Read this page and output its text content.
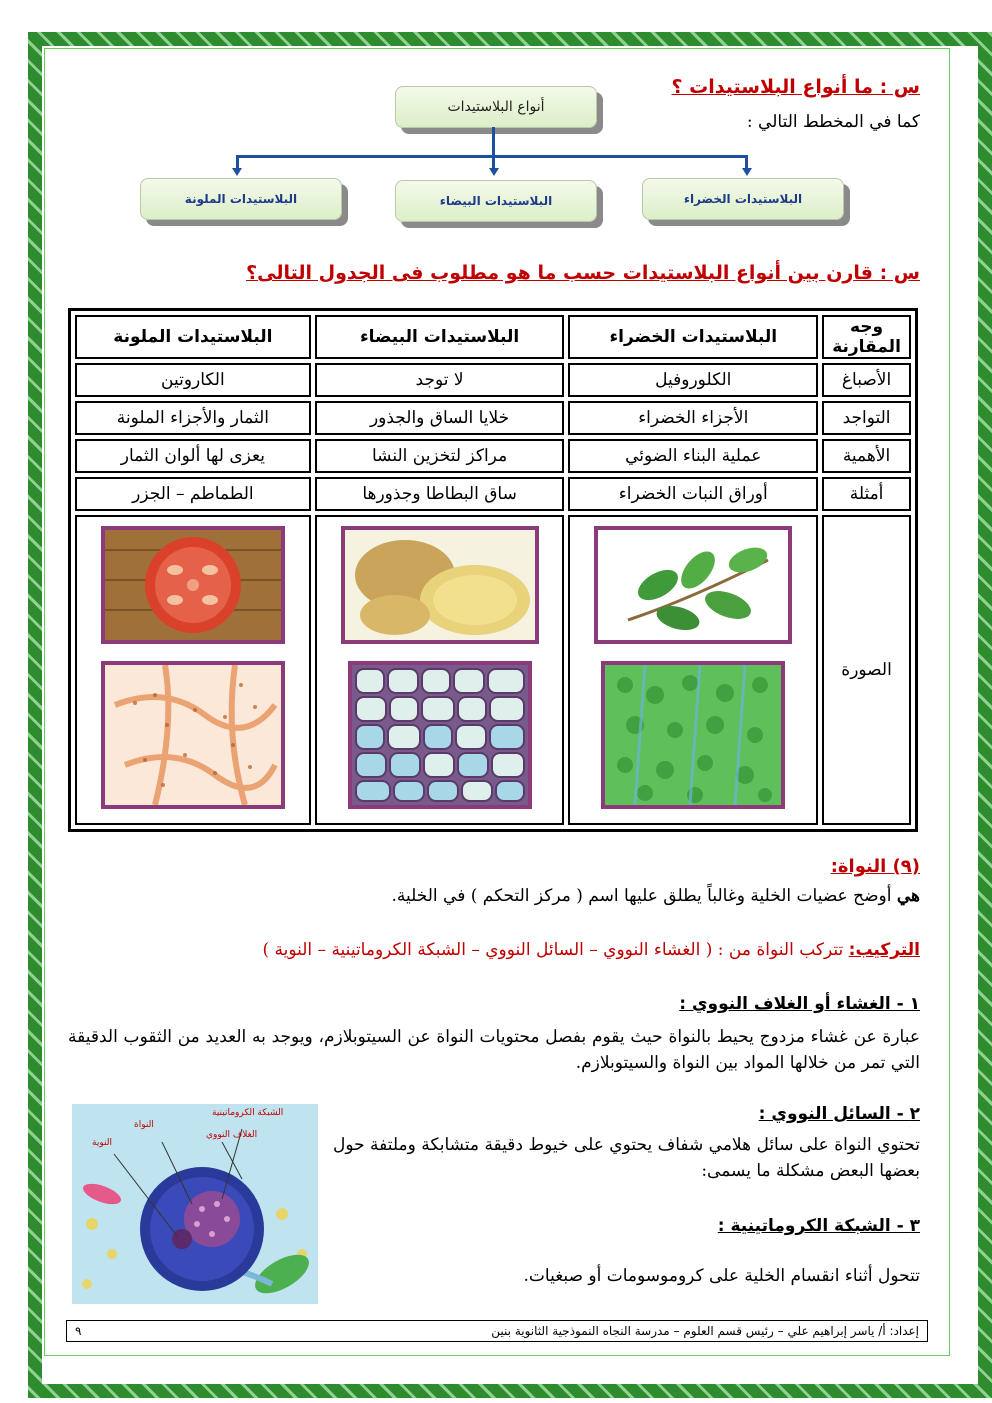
س : ما أنواع البلاستيدات ؟
كما في المخطط التالي :
أنواع البلاستيدات
البلاستيدات الخضراء
البلاستيدات البيضاء
البلاستيدات الملونة
س : قارن بين أنواع البلاستيدات حسب ما هو مطلوب فى الجدول التالى؟
وجه المقارنة	البلاستيدات الخضراء	البلاستيدات البيضاء	البلاستيدات الملونة
الأصباغ	الكلوروفيل	لا توجد	الكاروتين
التواجد	الأجزاء الخضراء	خلايا الساق والجذور	الثمار والأجزاء الملونة
الأهمية	عملية البناء الضوئي	مراكز لتخزين النشا	يعزى لها ألوان الثمار
أمثلة	أوراق النبات الخضراء	ساق البطاطا وجذورها	الطماطم – الجزر
الصورة			
(٩) النواة:
هي أوضح عضيات الخلية وغالباً يطلق عليها اسم ( مركز التحكم ) في الخلية.
التركيب: تتركب النواة من : ( الغشاء النووي – السائل النووي – الشبكة الكروماتينية – النوية )
١ - الغشاء أو الغلاف النووي :
عبارة عن غشاء مزدوج يحيط بالنواة حيث يقوم بفصل محتويات النواة عن السيتوبلازم، ويوجد به العديد من الثقوب الدقيقة التي تمر من خلالها المواد بين النواة والسيتوبلازم.
٢ - السائل النووي :
تحتوي النواة على سائل هلامي شفاف يحتوي على خيوط دقيقة متشابكة وملتفة حول بعضها البعض مشكلة ما يسمى:
٣ - الشبكة الكروماتينية :
تتحول أثناء انقسام الخلية على كروموسومات أو صبغيات.
الشبكة الكروماتينية
النواة
الغلاف النووي
النوية
إعداد: أ/ ياسر إبراهيم علي – رئيس قسم العلوم – مدرسة النجاه النموذجية الثانوية بنين
٩
